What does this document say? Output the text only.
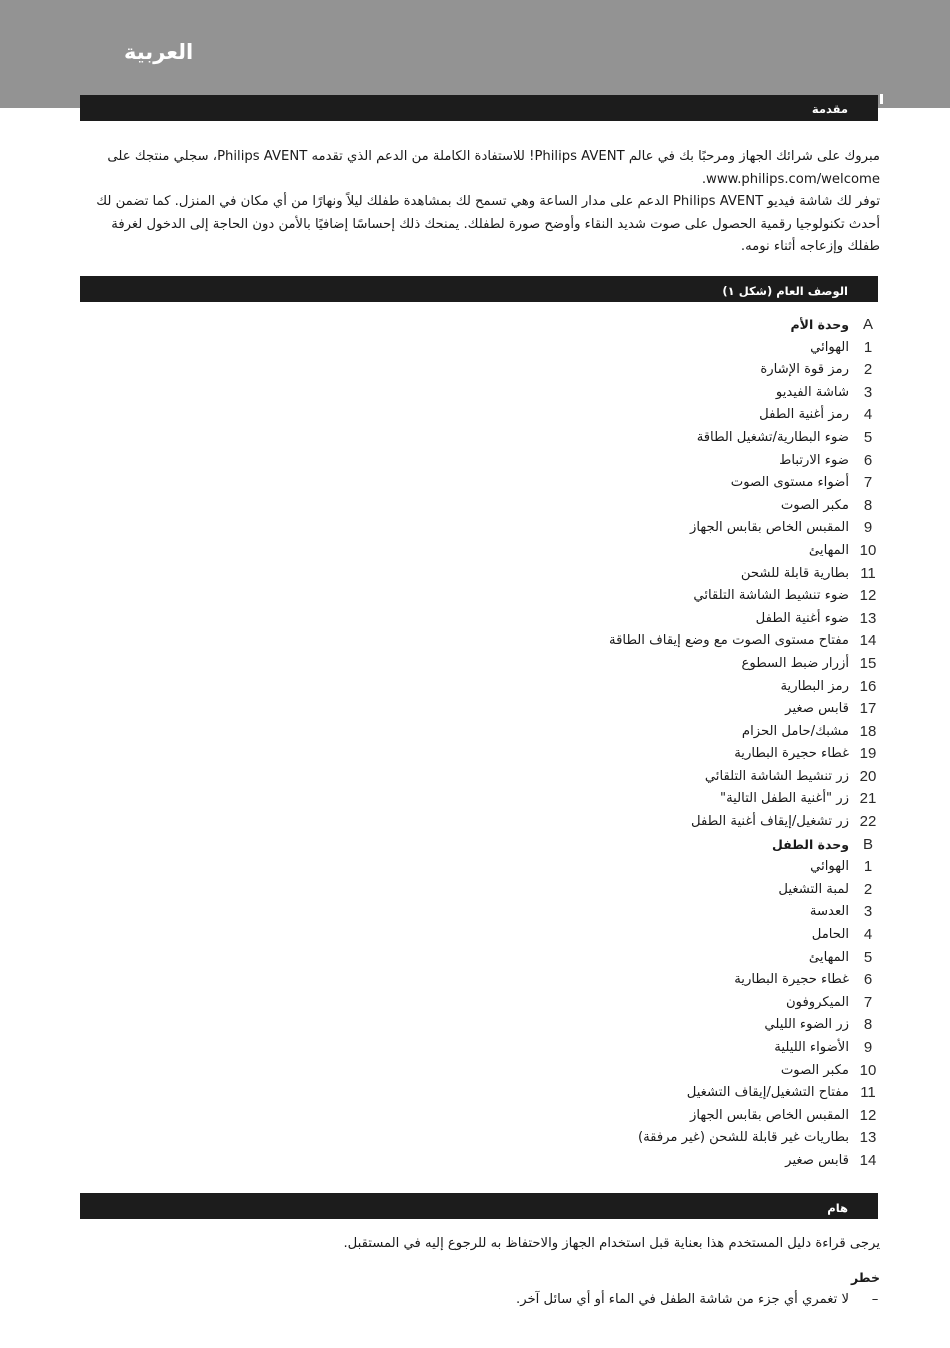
العربية
مقدمة

مبروك على شرائك الجهاز ومرحبًا بك في عالم Philips AVENT! للاستفادة الكاملة من الدعم الذي تقدمه Philips AVENT، سجلي منتجك على www.philips.com/welcome.

توفر لك شاشة فيديو Philips AVENT الدعم على مدار الساعة وهي تسمح لك بمشاهدة طفلك ليلاً ونهارًا من أي مكان في المنزل. كما تضمن لك أحدث تكنولوجيا رقمية الحصول على صوت شديد النقاء وأوضح صورة لطفلك. يمنحك ذلك إحساسًا إضافيًا بالأمن دون الحاجة إلى الدخول لغرفة طفلك وإزعاجه أثناء نومه.

الوصف العام (شكل ١)
A
وحدة الأم
1
الهوائي
2
رمز قوة الإشارة
3
شاشة الفيديو
4
رمز أغنية الطفل
5
ضوء البطارية/تشغيل الطاقة
6
ضوء الارتباط
7
أضواء مستوى الصوت
8
مكبر الصوت
9
المقبس الخاص بقابس الجهاز
10
المهايئ
11
بطارية قابلة للشحن
12
ضوء تنشيط الشاشة التلقائي
13
ضوء أغنية الطفل
14
مفتاح مستوى الصوت مع وضع إيقاف الطاقة
15
أزرار ضبط السطوع
16
رمز البطارية
17
قابس صغير
18
مشبك/حامل الحزام
19
غطاء حجيرة البطارية
20
زر تنشيط الشاشة التلقائي
21
زر "أغنية الطفل التالية"
22
زر تشغيل/إيقاف أغنية الطفل
B
وحدة الطفل
1
الهوائي
2
لمبة التشغيل
3
العدسة
4
الحامل
5
المهايئ
6
غطاء حجيرة البطارية
7
الميكروفون
8
زر الضوء الليلي
9
الأضواء الليلية
10
مكبر الصوت
11
مفتاح التشغيل/إيقاف التشغيل
12
المقبس الخاص بقابس الجهاز
13
بطاريات غير قابلة للشحن (غير مرفقة)
14
قابس صغير
هام

يرجى قراءة دليل المستخدم هذا بعناية قبل استخدام الجهاز والاحتفاظ به للرجوع إليه في المستقبل.

خطر

–
لا تغمري أي جزء من شاشة الطفل في الماء أو أي سائل آخر.
